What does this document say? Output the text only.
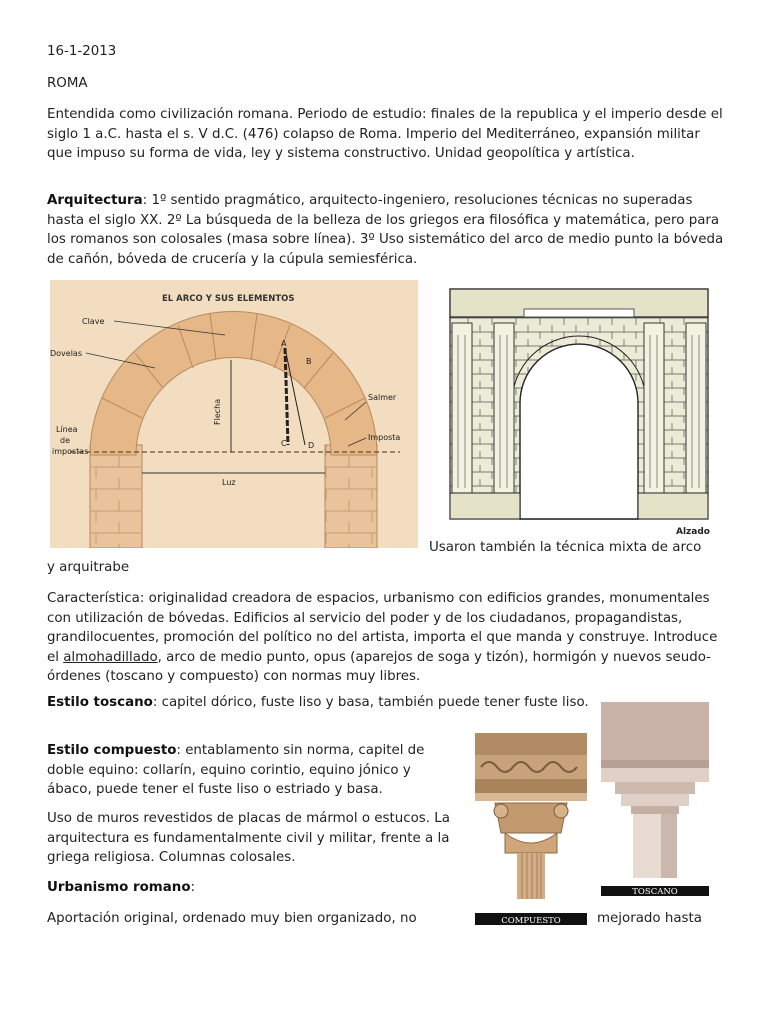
16-1-2013

ROMA

Entendida como civilización romana. Periodo de estudio: finales de la republica y el imperio desde el siglo 1 a.C. hasta el s. V d.C. (476) colapso de Roma. Imperio del Mediterráneo, expansión militar que impuso su forma de vida, ley y sistema constructivo. Unidad geopolítica y artística.

Arquitectura: 1º sentido pragmático, arquitecto-ingeniero, resoluciones técnicas no superadas hasta el siglo XX. 2º La búsqueda de la belleza de los griegos era filosófica y matemática, pero para los romanos son colosales (masa sobre línea). 3º Uso sistemático del arco de medio punto la bóveda de cañón, bóveda de crucería y la cúpula semiesférica.

EL ARCO Y SUS ELEMENTOS
Luz
Flecha
A
B
C	D
Clave
Dovelas
Línea
de
impostas
Salmer
Imposta
Alzado

Usaron también la técnica mixta de arco

y arquitrabe

Característica: originalidad creadora de espacios, urbanismo con edificios grandes, monumentales con utilización de bóvedas. Edificios al servicio del poder y de los ciudadanos, propagandistas, grandilocuentes, promoción del político no del artista, importa el que manda y construye. Introduce el almohadillado, arco de medio punto, opus (aparejos de soga y tizón), hormigón y nuevos seudo-órdenes (toscano y compuesto) con normas muy libres.

Estilo toscano: capitel dórico, fuste liso y basa, también puede tener fuste liso.

Estilo compuesto: entablamento sin norma, capitel de doble equino: collarín, equino corintio, equino jónico y ábaco, puede tener el fuste liso o estriado y basa.

Uso de muros revestidos de placas de mármol o estucos. La arquitectura es fundamentalmente civil y militar, frente a la griega religiosa. Columnas colosales.

Urbanismo romano:

Aportación original, ordenado muy bien organizado, no	mejorado hasta

COMPUESTO
TOSCANO
